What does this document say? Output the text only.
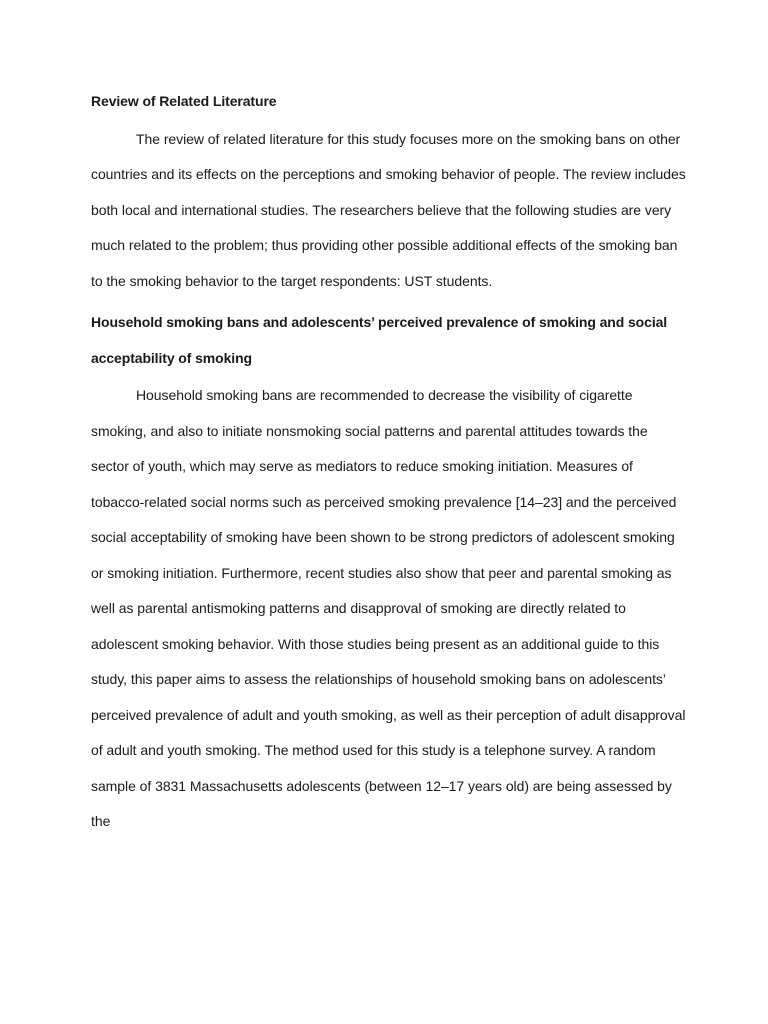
Review of Related Literature

The review of related literature for this study focuses more on the smoking bans on other countries and its effects on the perceptions and smoking behavior of people. The review includes both local and international studies. The researchers believe that the following studies are very much related to the problem; thus providing other possible additional effects of the smoking ban to the smoking behavior to the target respondents: UST students.

Household smoking bans and adolescents’ perceived prevalence of smoking and social acceptability of smoking

Household smoking bans are recommended to decrease the visibility of cigarette smoking, and also to initiate nonsmoking social patterns and parental attitudes towards the sector of youth, which may serve as mediators to reduce smoking initiation. Measures of tobacco-related social norms such as perceived smoking prevalence [14–23] and the perceived social acceptability of smoking have been shown to be strong predictors of adolescent smoking or smoking initiation. Furthermore, recent studies also show that peer and parental smoking as well as parental antismoking patterns and disapproval of smoking are directly related to adolescent smoking behavior. With those studies being present as an additional guide to this study, this paper aims to assess the relationships of household smoking bans on adolescents’ perceived prevalence of adult and youth smoking, as well as their perception of adult disapproval of adult and youth smoking. The method used for this study is a telephone survey. A random sample of 3831 Massachusetts adolescents (between 12–17 years old) are being assessed by the
